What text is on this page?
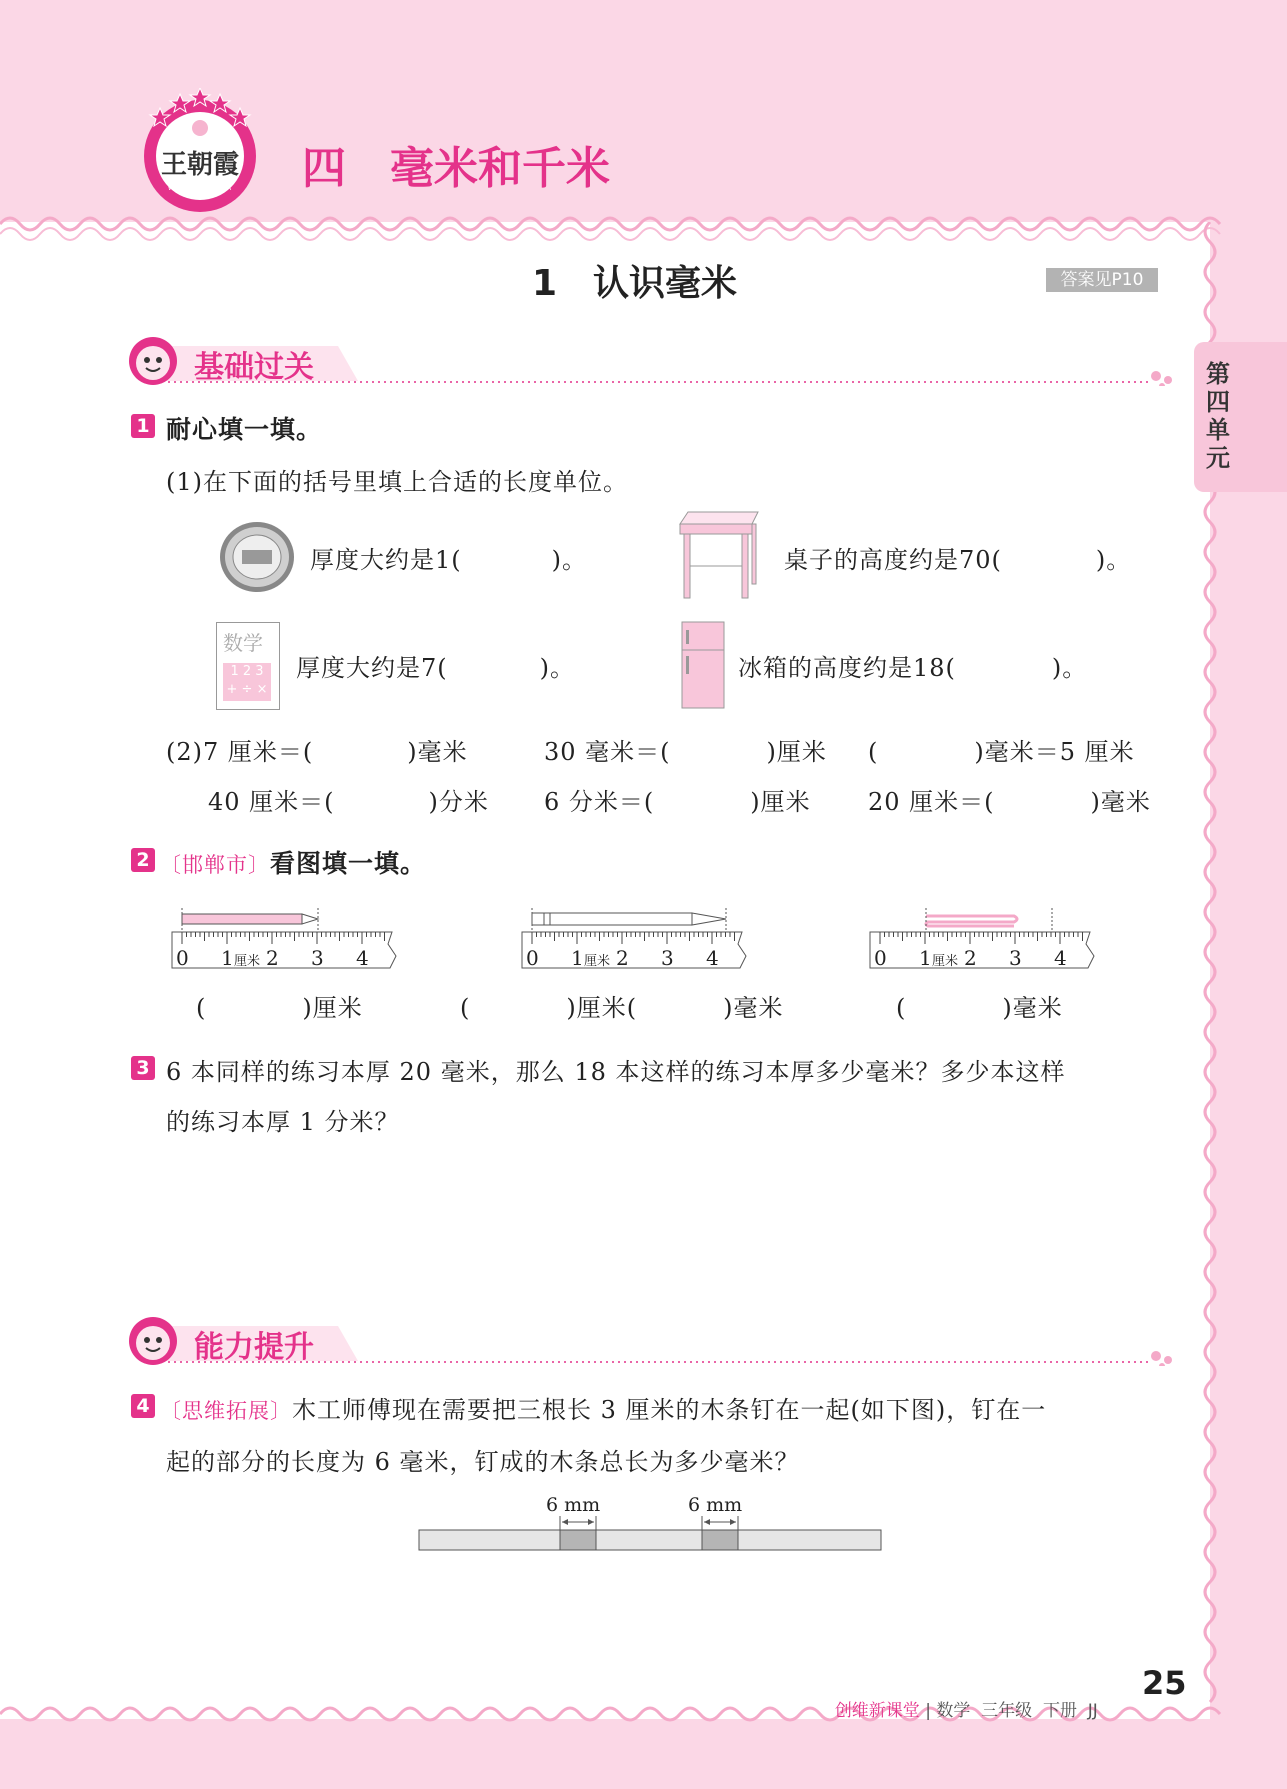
王朝霞
WANGZHAOXIA 四　毫米和千米
1　认识毫米	答案见P10
第四单元
基础过关
1 耐心填一填。
(1)在下面的括号里填上合适的长度单位。
厚度大约是1(	)。	桌子的高度约是70(	)。
数学
1 2 3
+ ÷ ×
厚度大约是7(	)。	冰箱的高度约是18(	)。
(2)7 厘米＝(	)毫米	30 毫米＝(	)厘米 (	)毫米＝5 厘米
40 厘米＝(	)分米 6 分米＝(	)厘米 20 厘米＝(	)毫米
2 〔邯郸市〕看图填一填。
0 1 厘米 2 3 4	0 1 厘米 2 3 4	0 1 厘米 2 3 4
(	)厘米	(	)厘米(	)毫米	(	)毫米
3 6 本同样的练习本厚 20 毫米，那么 18 本这样的练习本厚多少毫米？多少本这样
的练习本厚 1 分米？
能力提升
4 〔思维拓展〕木工师傅现在需要把三根长 3 厘米的木条钉在一起(如下图)，钉在一
起的部分的长度为 6 毫米，钉成的木条总长为多少毫米？
6 mm	6 mm

创维新课堂 | 数学  三年级  下册  JJ

25
